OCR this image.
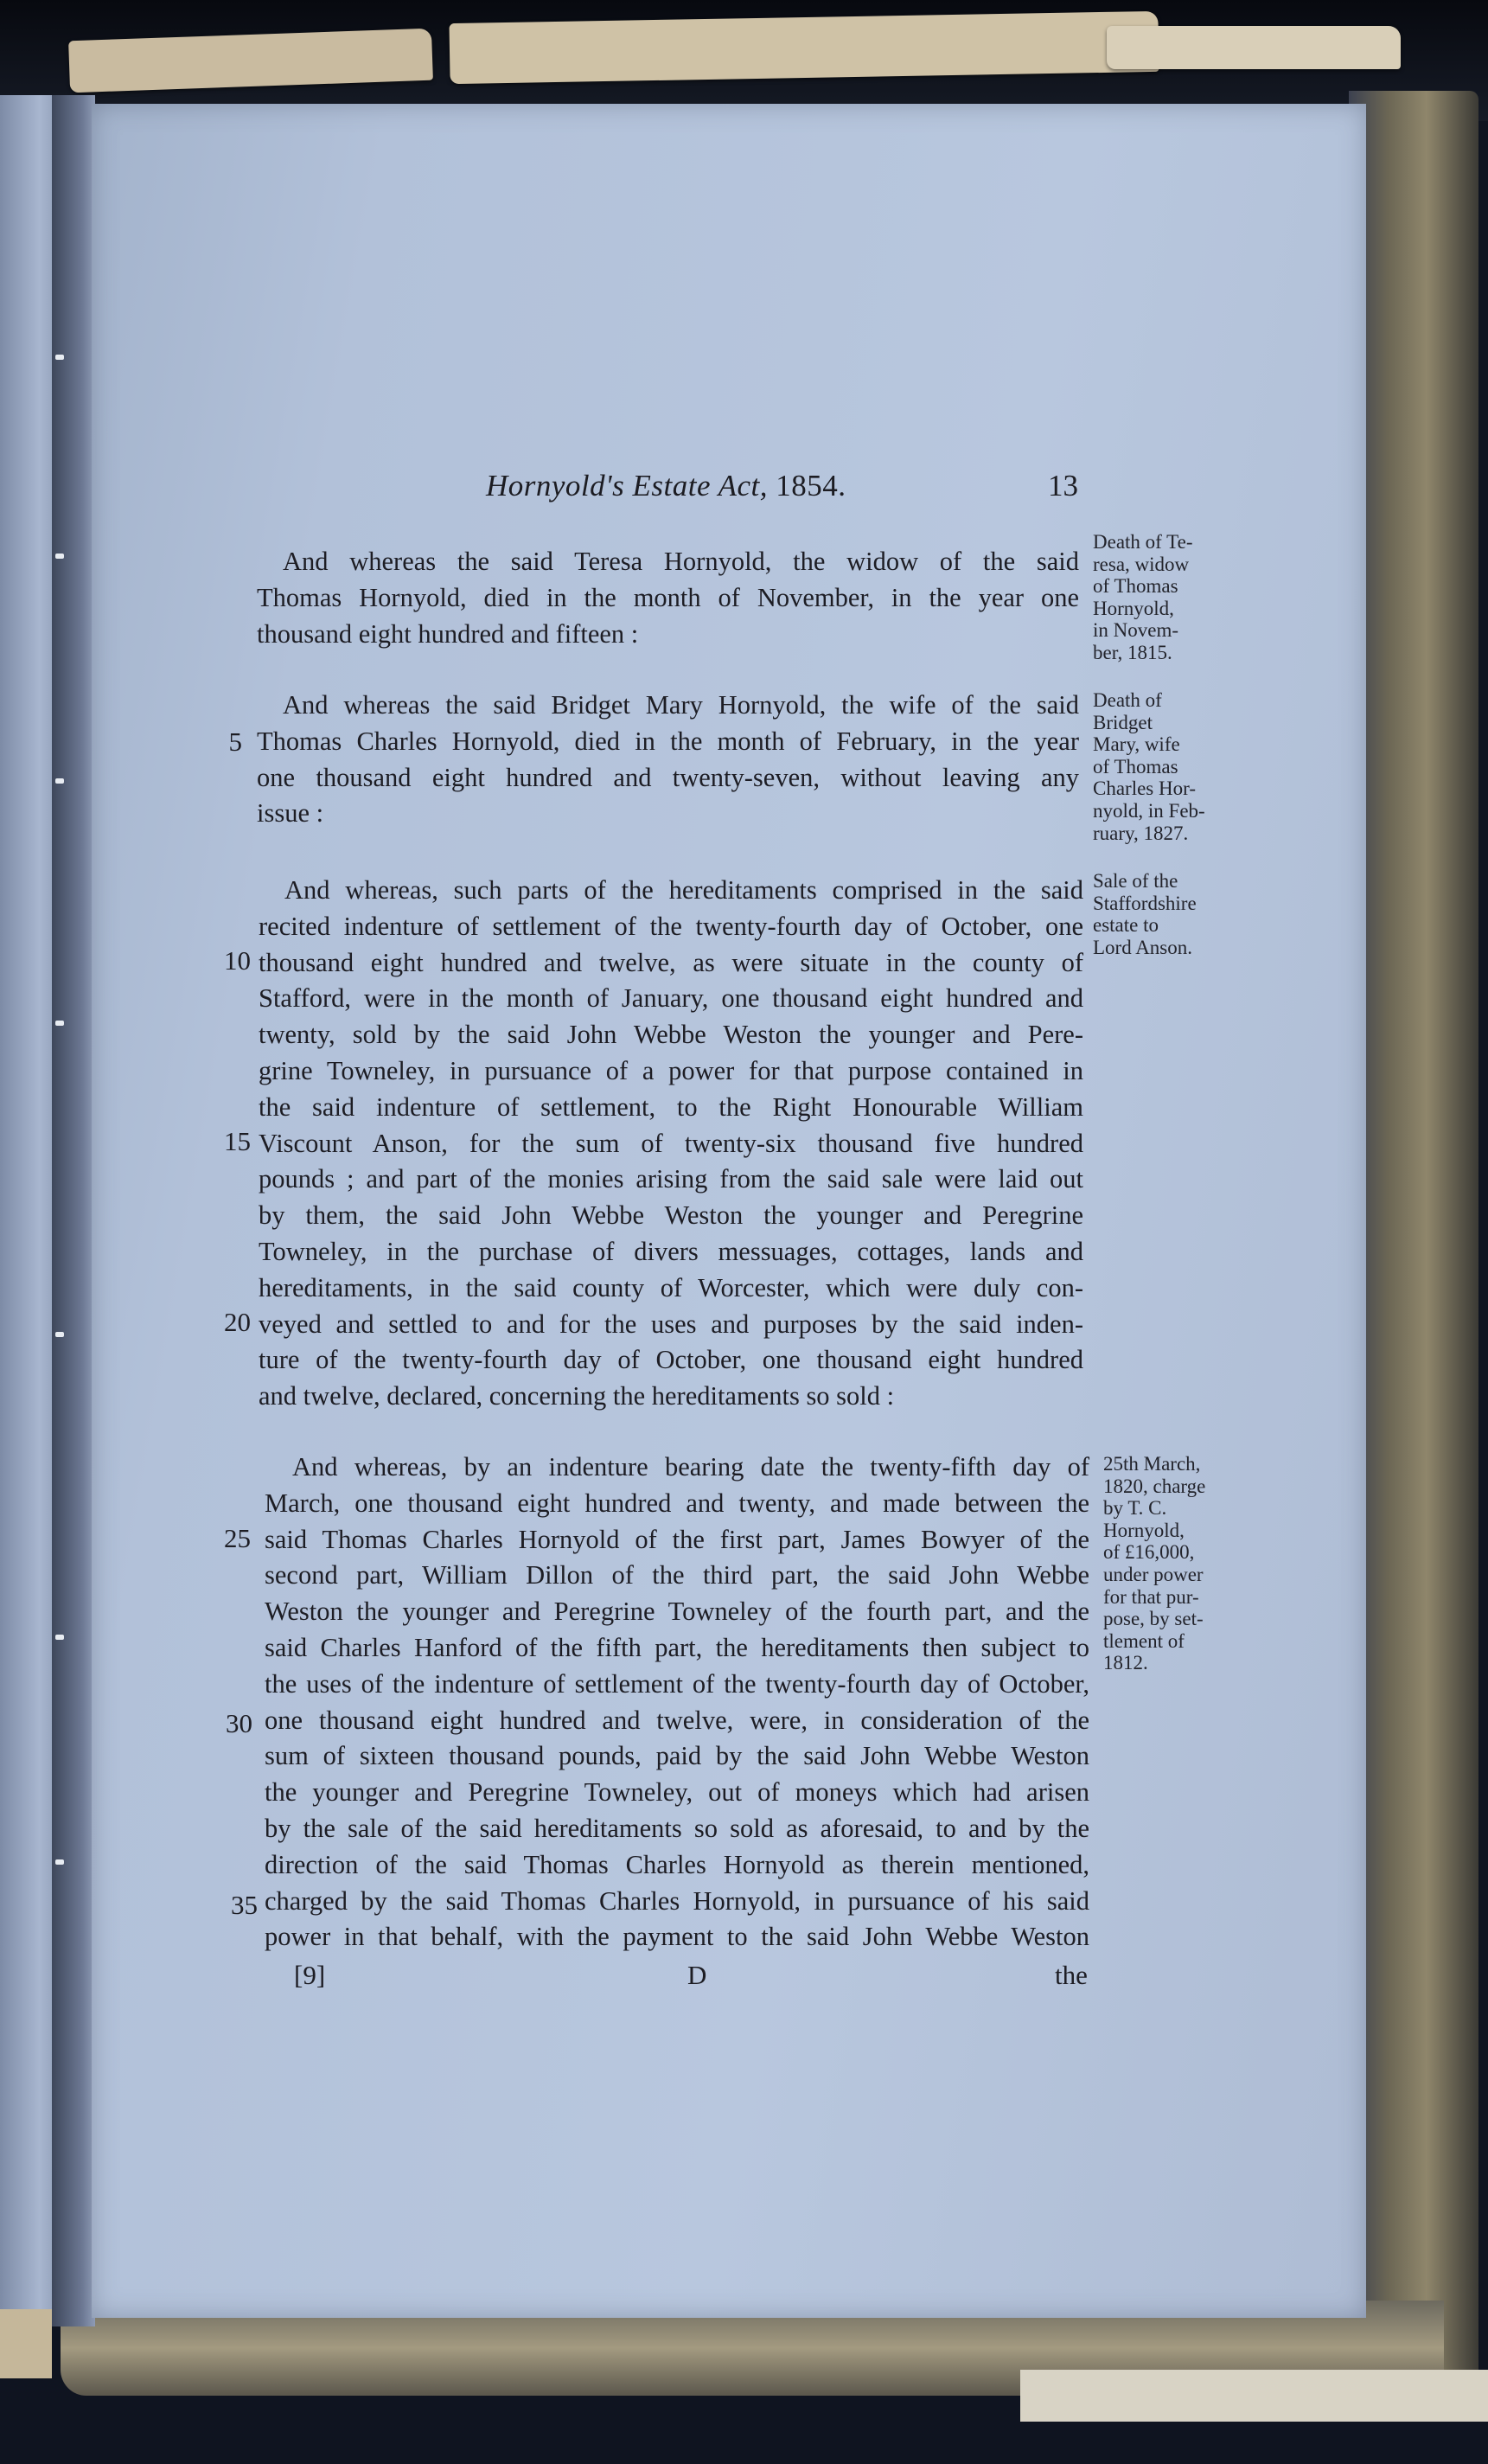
Hornyold's Estate Act, 1854.	13
And whereas the said Teresa Hornyold, the widow of the said
Thomas Hornyold, died in the month of November, in the year one
thousand eight hundred and fifteen :
And whereas the said Bridget Mary Hornyold, the wife of the said
Thomas Charles Hornyold, died in the month of February, in the year
one thousand eight hundred and twenty-seven, without leaving any
issue :
And whereas, such parts of the hereditaments comprised in the said
recited indenture of settlement of the twenty-fourth day of October, one
thousand eight hundred and twelve, as were situate in the county of
Stafford, were in the month of January, one thousand eight hundred and
twenty, sold by the said John Webbe Weston the younger and Pere-
grine Towneley, in pursuance of a power for that purpose contained in
the said indenture of settlement, to the Right Honourable William
Viscount Anson, for the sum of twenty-six thousand five hundred
pounds ; and part of the monies arising from the said sale were laid out
by them, the said John Webbe Weston the younger and Peregrine
Towneley, in the purchase of divers messuages, cottages, lands and
hereditaments, in the said county of Worcester, which were duly con-
veyed and settled to and for the uses and purposes by the said inden-
ture of the twenty-fourth day of October, one thousand eight hundred
and twelve, declared, concerning the hereditaments so sold :
And whereas, by an indenture bearing date the twenty-fifth day of
March, one thousand eight hundred and twenty, and made between the
said Thomas Charles Hornyold of the first part, James Bowyer of the
second part, William Dillon of the third part, the said John Webbe
Weston the younger and Peregrine Towneley of the fourth part, and the
said Charles Hanford of the fifth part, the hereditaments then subject to
the uses of the indenture of settlement of the twenty-fourth day of October,
one thousand eight hundred and twelve, were, in consideration of the
sum of sixteen thousand pounds, paid by the said John Webbe Weston
the younger and Peregrine Towneley, out of moneys which had arisen
by the sale of the said hereditaments so sold as aforesaid, to and by the
direction of the said Thomas Charles Hornyold as therein mentioned,
charged by the said Thomas Charles Hornyold, in pursuance of his said
power in that behalf, with the payment to the said John Webbe Weston
5
10
15
20
25
30
35
Death of Te-
resa, widow
of Thomas
Hornyold,
in Novem-
ber, 1815.
Death of
Bridget
Mary, wife
of Thomas
Charles Hor-
nyold, in Feb-
ruary, 1827.
Sale of the
Staffordshire
estate to
Lord Anson.
25th March,
1820, charge
by T. C.
Hornyold,
of £16,000,
under power
for that pur-
pose, by set-
tlement of
1812.
[9]	D	the
